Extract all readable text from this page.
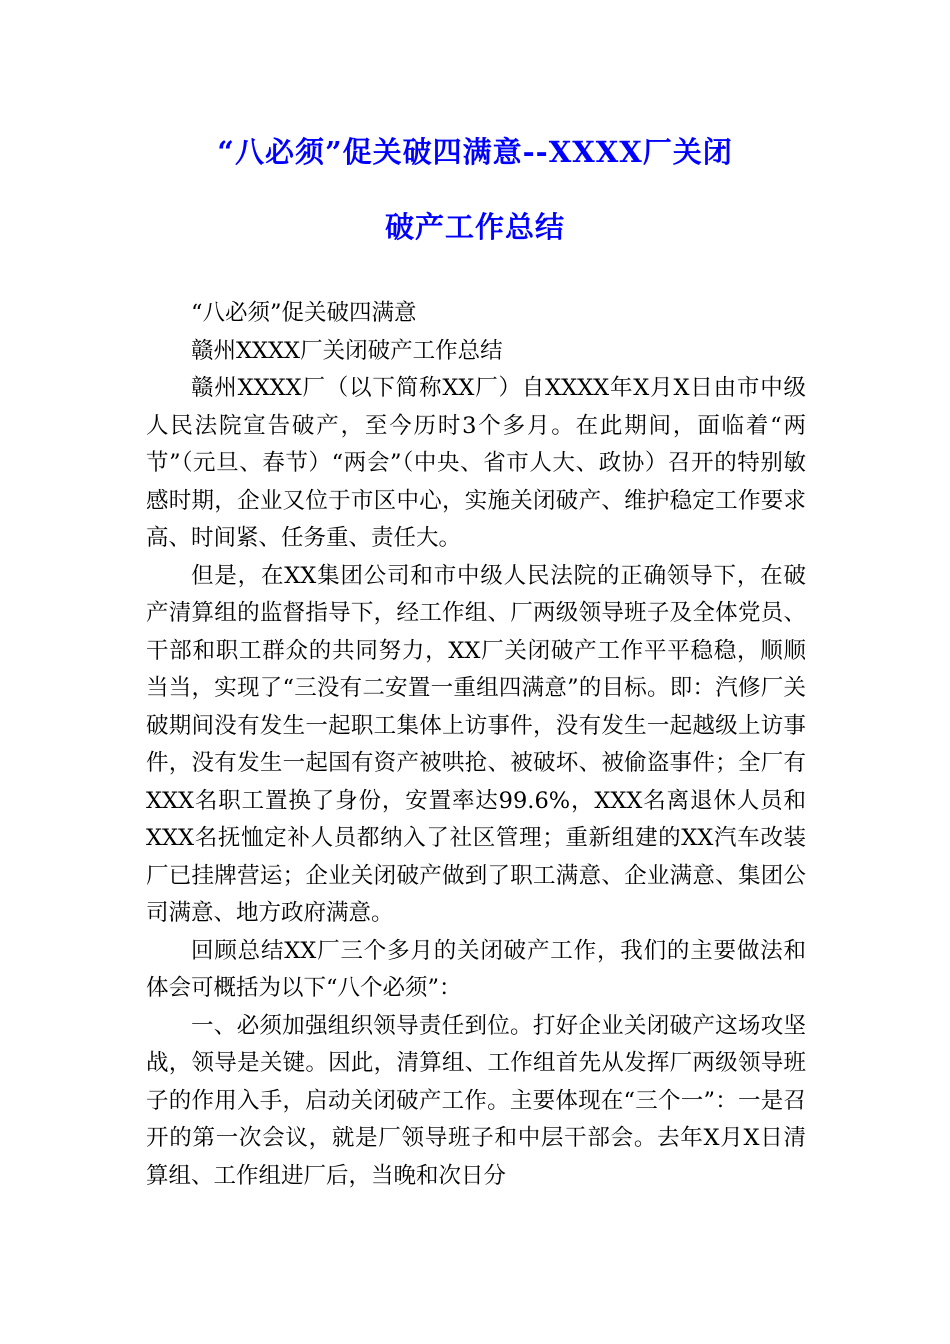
“八必须”促关破四满意--XXXX厂关闭
破产工作总结

“八必须”促关破四满意

赣州XXXX厂关闭破产工作总结

赣州XXXX厂（以下简称XX厂）自XXXX年X月X日由市中级人民法院宣告破产，至今历时3个多月。在此期间，面临着“两节”（元旦、春节）“两会”（中央、省市人大、政协）召开的特别敏感时期，企业又位于市区中心，实施关闭破产、维护稳定工作要求高、时间紧、任务重、责任大。

但是，在XX集团公司和市中级人民法院的正确领导下，在破产清算组的监督指导下，经工作组、厂两级领导班子及全体党员、干部和职工群众的共同努力，XX厂关闭破产工作平平稳稳，顺顺当当，实现了“三没有二安置一重组四满意”的目标。即：汽修厂关破期间没有发生一起职工集体上访事件，没有发生一起越级上访事件，没有发生一起国有资产被哄抢、被破坏、被偷盗事件；全厂有XXX名职工置换了身份，安置率达99.6%，XXX名离退休人员和XXX名抚恤定补人员都纳入了社区管理；重新组建的XX汽车改装厂已挂牌营运；企业关闭破产做到了职工满意、企业满意、集团公司满意、地方政府满意。

回顾总结XX厂三个多月的关闭破产工作，我们的主要做法和体会可概括为以下“八个必须”：

一、必须加强组织领导责任到位。打好企业关闭破产这场攻坚战，领导是关键。因此，清算组、工作组首先从发挥厂两级领导班子的作用入手，启动关闭破产工作。主要体现在“三个一”：一是召开的第一次会议，就是厂领导班子和中层干部会。去年X月X日清算组、工作组进厂后，当晚和次日分
